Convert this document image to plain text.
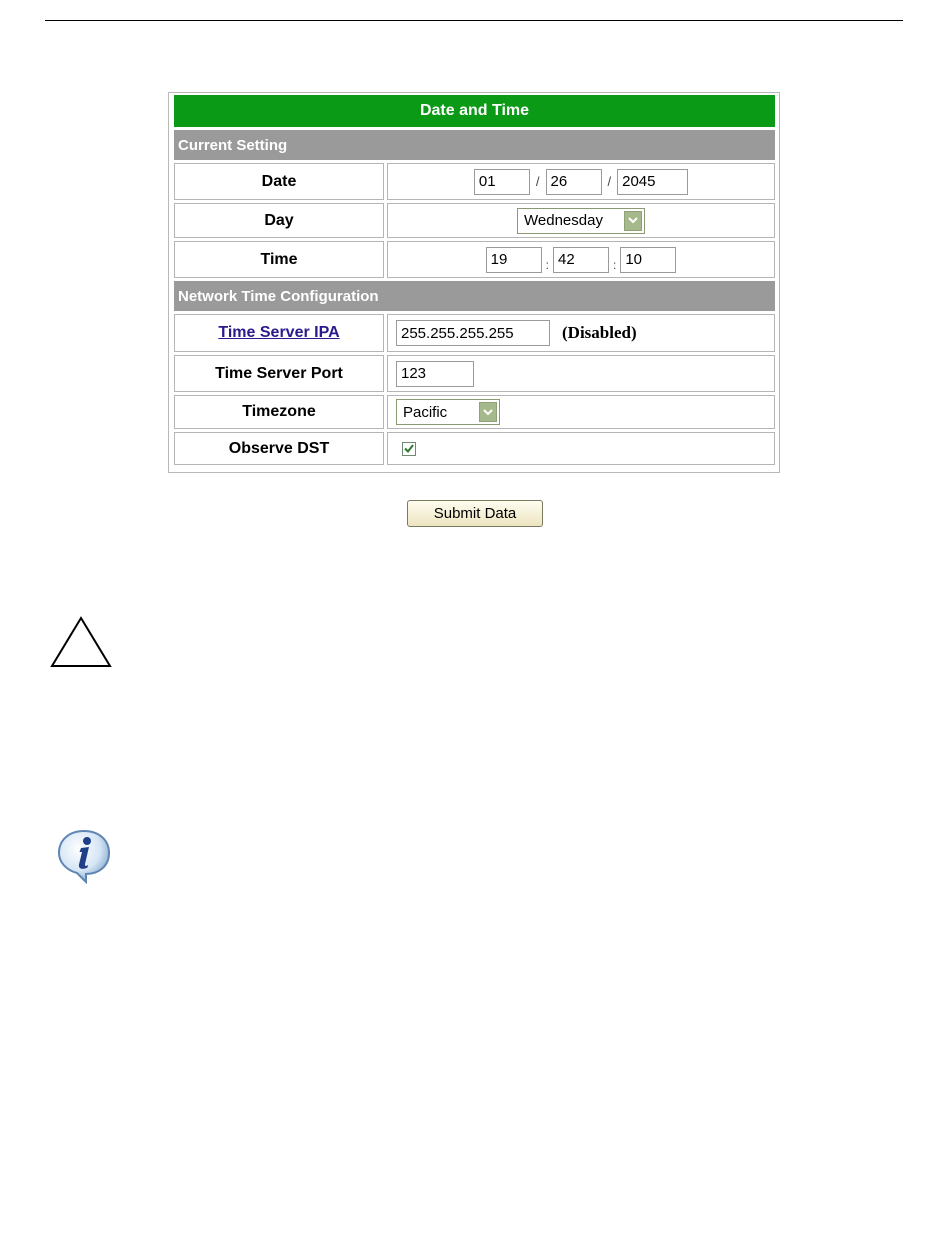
Date and Time
Current Setting
Date	01	/ 26	/ 2045
Day	Wednesday
Time	19	: 42	: 10
Network Time Configuration
Time Server IPA	255.255.255.255	(Disabled)
Time Server Port	123
Timezone	Pacific
Observe DST
Submit Data
